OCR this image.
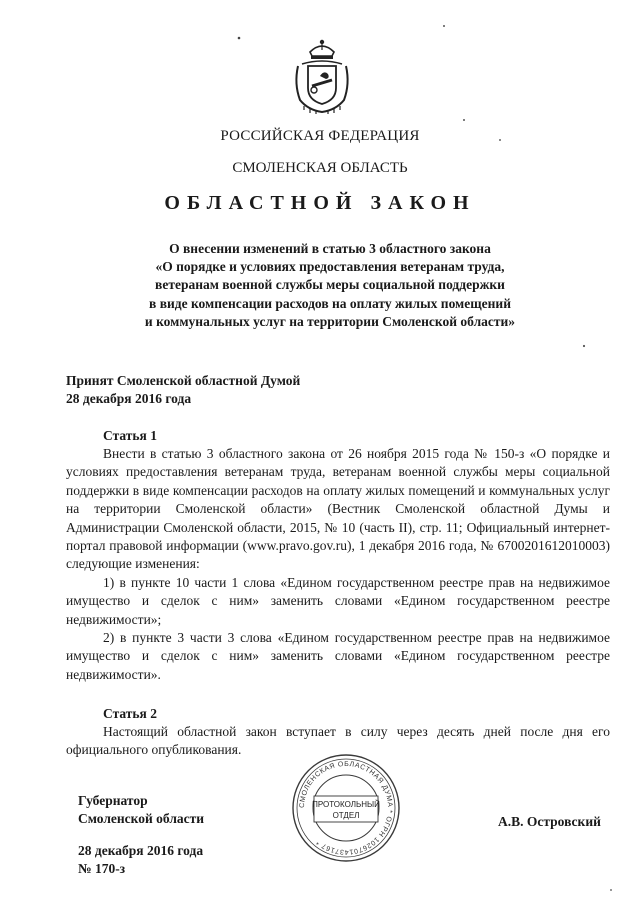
РОССИЙСКАЯ ФЕДЕРАЦИЯ
СМОЛЕНСКАЯ ОБЛАСТЬ
ОБЛАСТНОЙ ЗАКОН
О внесении изменений в статью 3 областного закона
«О порядке и условиях предоставления ветеранам труда,
ветеранам военной службы меры социальной поддержки
в виде компенсации расходов на оплату жилых помещений
и коммунальных услуг на территории Смоленской области»
Принят Смоленской областной Думой
28 декабря 2016 года
Статья 1

Внести в статью 3 областного закона от 26 ноября 2015 года № 150-з «О порядке и условиях предоставления ветеранам труда, ветеранам военной службы меры социальной поддержки в виде компенсации расходов на оплату жилых помещений и коммунальных услуг на территории Смоленской области» (Вестник Смоленской областной Думы и Администрации Смоленской области, 2015, № 10 (часть II), стр. 11; Официальный интернет-портал правовой информации (www.pravo.gov.ru), 1 декабря 2016 года, № 6700201612010003) следующие изменения:

1) в пункте 10 части 1 слова «Едином государственном реестре прав на недвижимое имущество и сделок с ним» заменить словами «Едином государственном реестре недвижимости»;

2) в пункте 3 части 3 слова «Едином государственном реестре прав на недвижимое имущество и сделок с ним» заменить словами «Едином государственном реестре недвижимости».

Статья 2

Настоящий областной закон вступает в силу через десять дней после дня его официального опубликования.

СМОЛЕНСКАЯ ОБЛАСТНАЯ ДУМА * ОГРН 1026701437167 *
ПРОТОКОЛЬНЫЙ
ОТДЕЛ
Губернатор
Смоленской области	А.В. Островский
28 декабря 2016 года
№ 170-з
